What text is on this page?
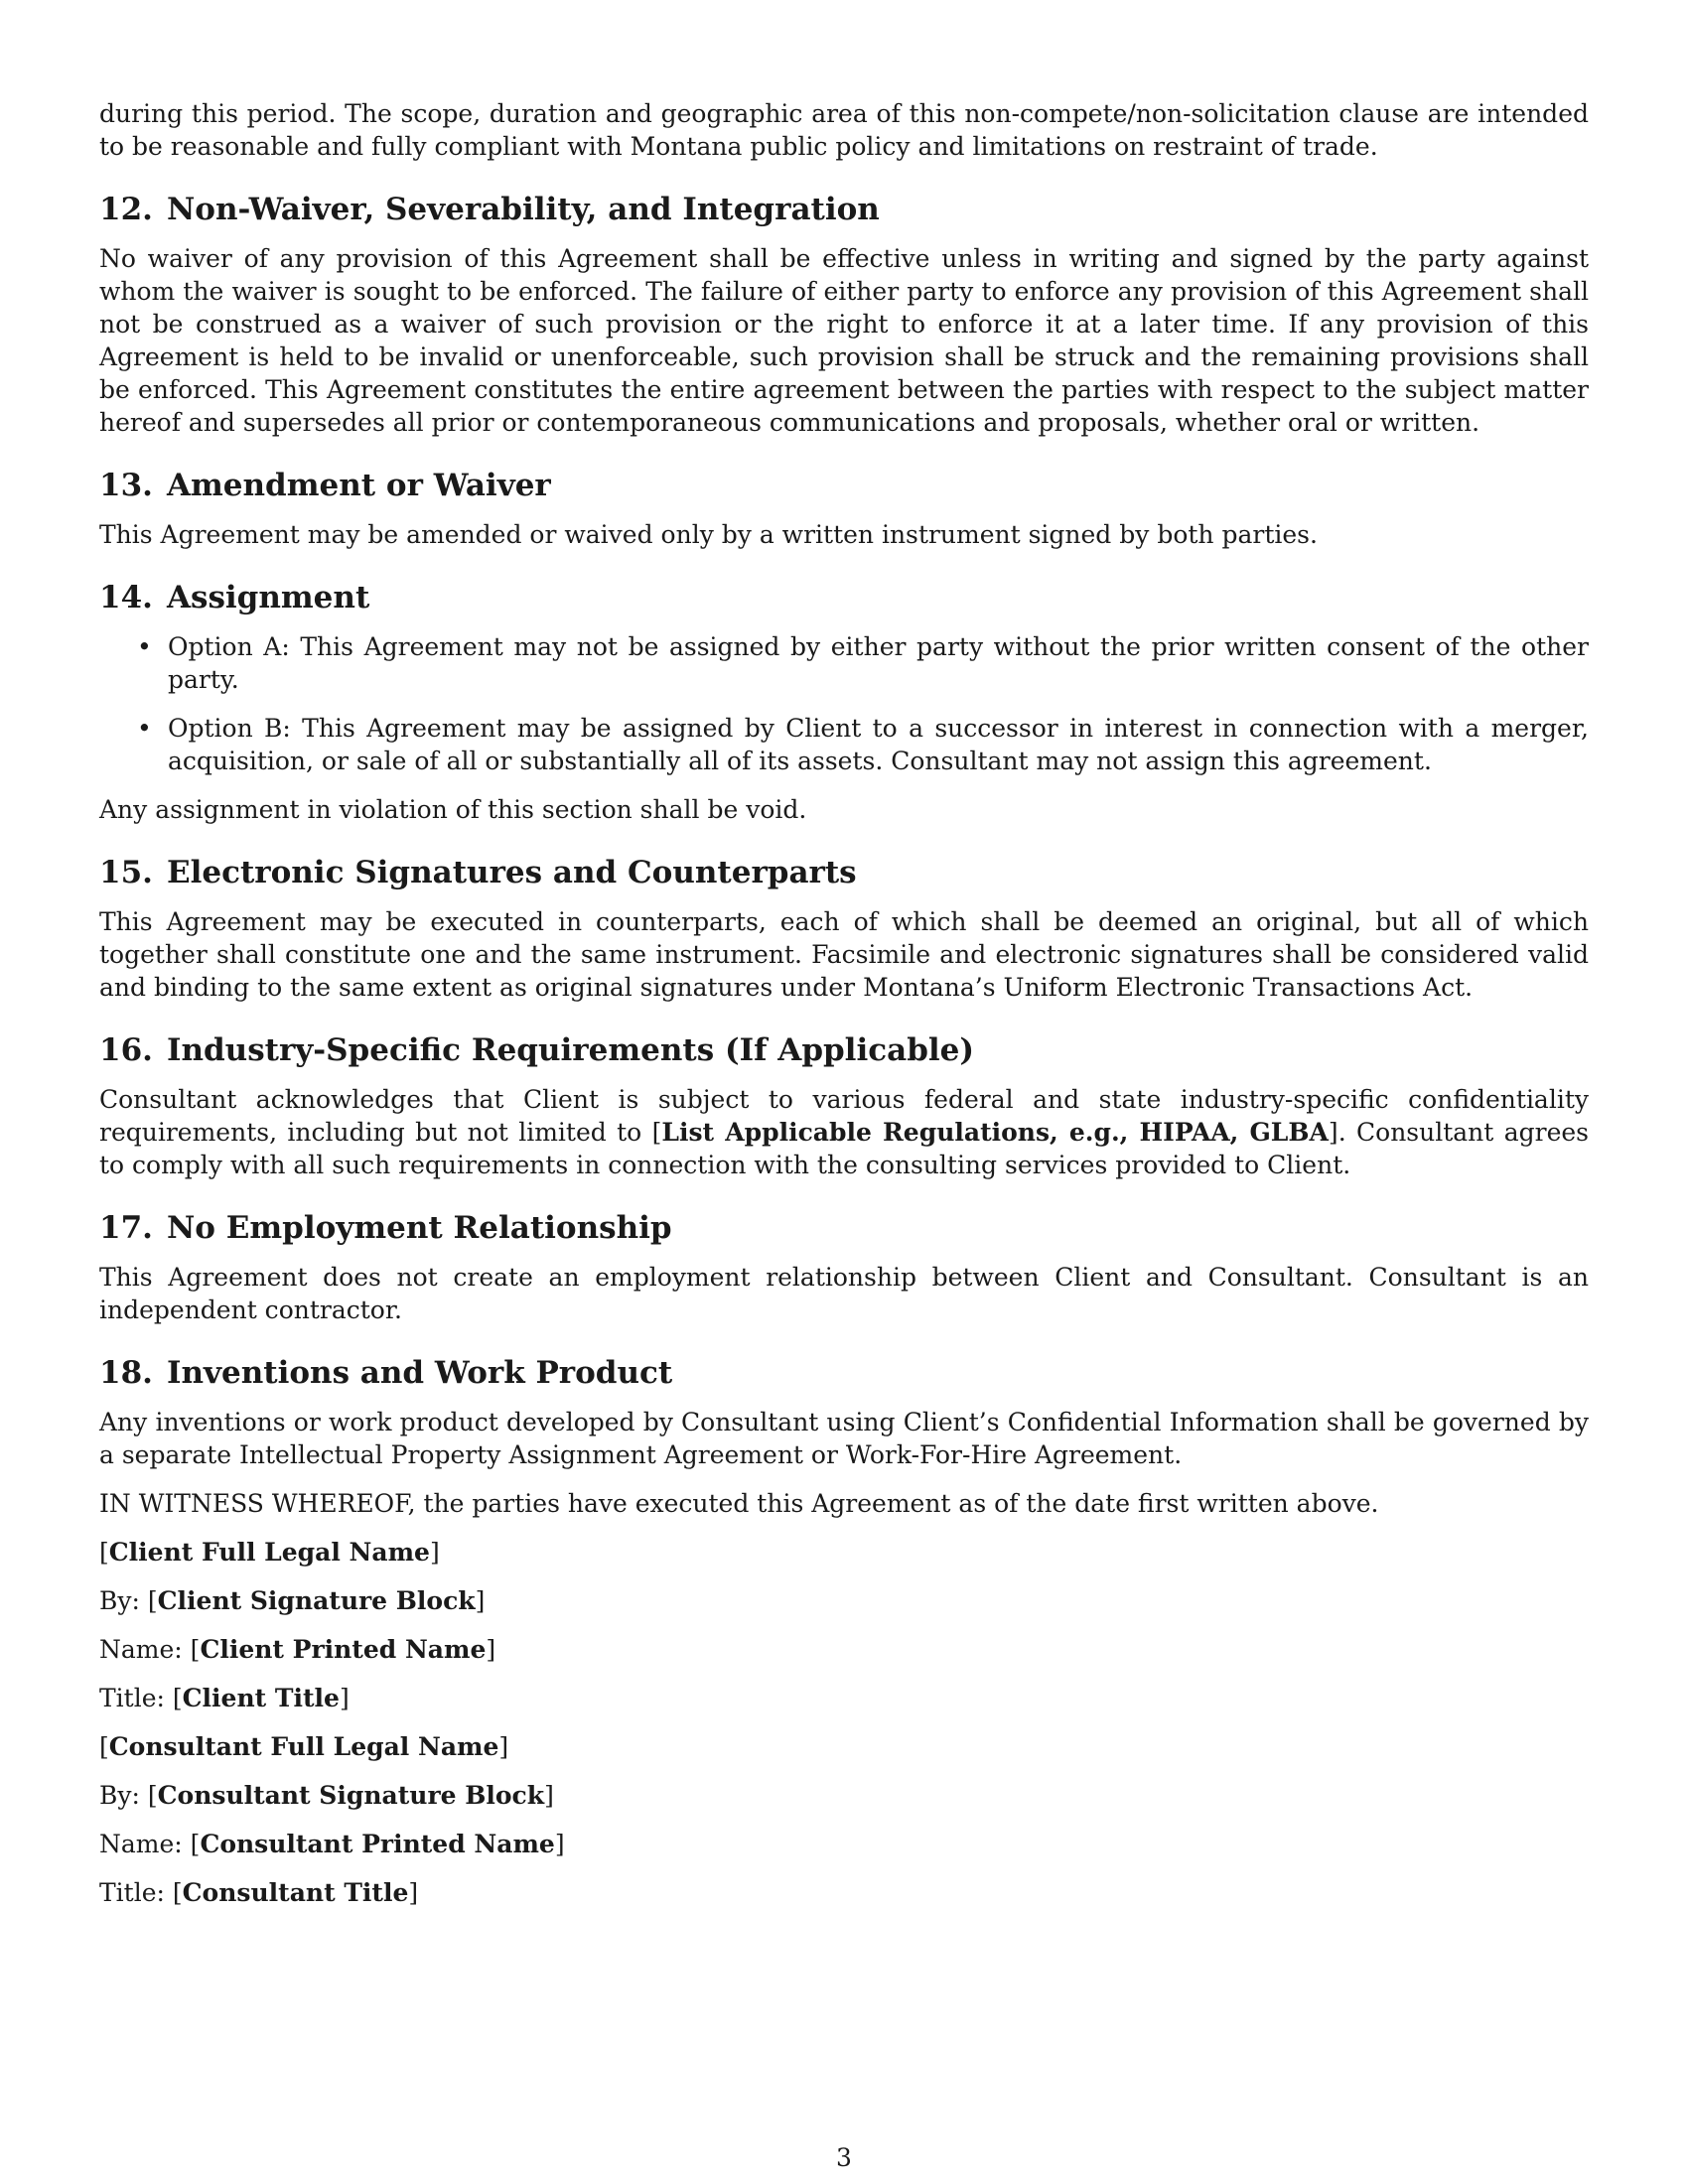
during this period. The scope, duration and geographic area of this non-compete/non-solicitation clause are intended to be reasonable and fully compliant with Montana public policy and limitations on restraint of trade.

12. Non-Waiver, Severability, and Integration

No waiver of any provision of this Agreement shall be effective unless in writing and signed by the party against whom the waiver is sought to be enforced. The failure of either party to enforce any provision of this Agreement shall not be construed as a waiver of such provision or the right to enforce it at a later time. If any provision of this Agreement is held to be invalid or unenforceable, such provision shall be struck and the remaining provisions shall be enforced. This Agreement constitutes the entire agreement between the parties with respect to the subject matter hereof and supersedes all prior or contemporaneous communications and proposals, whether oral or written.

13. Amendment or Waiver

This Agreement may be amended or waived only by a written instrument signed by both parties.

14. Assignment
• Option A: This Agreement may not be assigned by either party without the prior written consent of the other party.
• Option B: This Agreement may be assigned by Client to a successor in interest in connection with a merger, acquisition, or sale of all or substantially all of its assets. Consultant may not assign this agreement.

Any assignment in violation of this section shall be void.

15. Electronic Signatures and Counterparts

This Agreement may be executed in counterparts, each of which shall be deemed an original, but all of which together shall constitute one and the same instrument. Facsimile and electronic signatures shall be considered valid and binding to the same extent as original signatures under Montana’s Uniform Electronic Transactions Act.

16. Industry-Specific Requirements (If Applicable)

Consultant acknowledges that Client is subject to various federal and state industry-specific confidentiality requirements, including but not limited to [List Applicable Regulations, e.g., HIPAA, GLBA]. Consultant agrees to comply with all such requirements in connection with the consulting services provided to Client.

17. No Employment Relationship

This Agreement does not create an employment relationship between Client and Consultant. Consultant is an independent contractor.

18. Inventions and Work Product

Any inventions or work product developed by Consultant using Client’s Confidential Information shall be governed by a separate Intellectual Property Assignment Agreement or Work-For-Hire Agreement.

IN WITNESS WHEREOF, the parties have executed this Agreement as of the date first written above.

[Client Full Legal Name]

By: [Client Signature Block]

Name: [Client Printed Name]

Title: [Client Title]

[Consultant Full Legal Name]

By: [Consultant Signature Block]

Name: [Consultant Printed Name]

Title: [Consultant Title]

3
